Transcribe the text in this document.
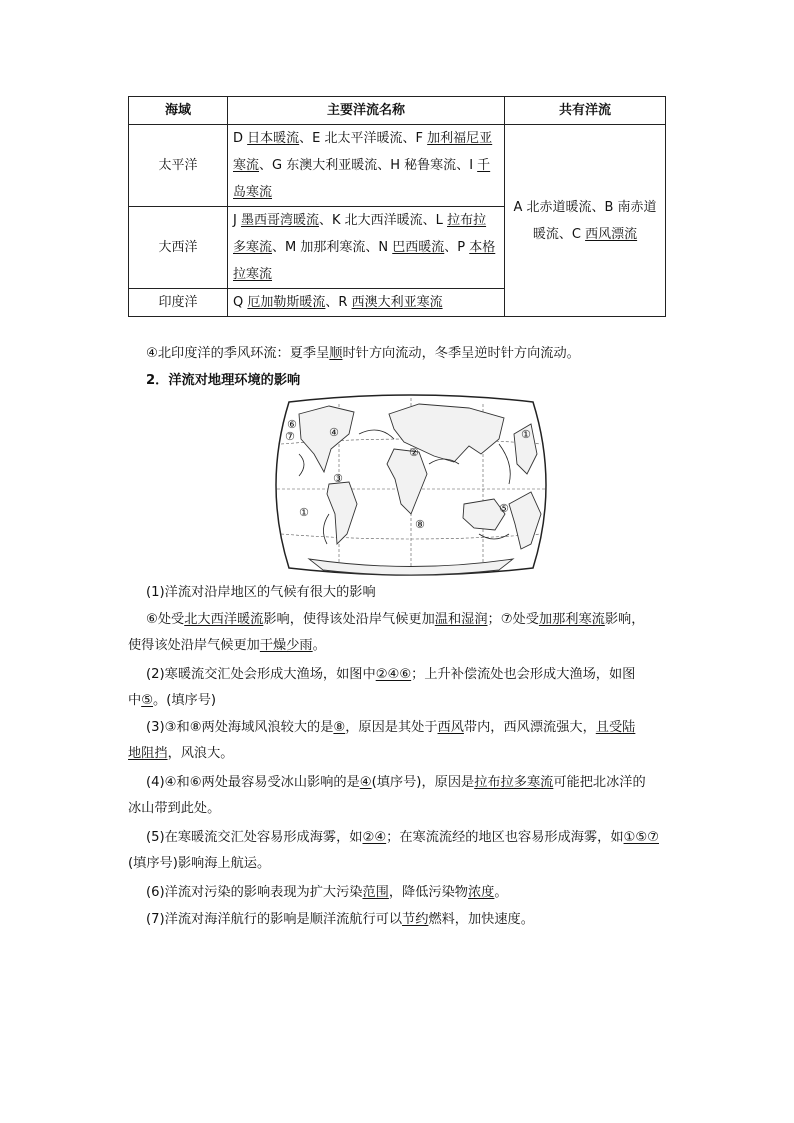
海域	主要洋流名称	共有洋流
太平洋	D 日本暖流、E 北太平洋暖流、F 加利福尼亚寒流、G 东澳大利亚暖流、H 秘鲁寒流、I 千岛寒流	A 北赤道暖流、B 南赤道
暖流、C 西风漂流

大西洋	J 墨西哥湾暖流、K 北大西洋暖流、L 拉布拉多寒流、M 加那利寒流、N 巴西暖流、P 本格拉寒流	
印度洋	Q 厄加勒斯暖流、R 西澳大利亚寒流	
④北印度洋的季风环流：夏季呈顺时针方向流动，冬季呈逆时针方向流动。
2．洋流对地理环境的影响
⑥
⑦	④
②
③
①
①	⑤
⑧
(1)洋流对沿岸地区的气候有很大的影响
⑥处受北大西洋暖流影响，使得该处沿岸气候更加温和湿润；⑦处受加那利寒流影响，
使得该处沿岸气候更加干燥少雨。
(2)寒暖流交汇处会形成大渔场，如图中②④⑥；上升补偿流处也会形成大渔场，如图
中⑤。(填序号)
(3)③和⑧两处海域风浪较大的是⑧，原因是其处于西风带内，西风漂流强大，且受陆
地阻挡，风浪大。
(4)④和⑥两处最容易受冰山影响的是④(填序号)，原因是拉布拉多寒流可能把北冰洋的
冰山带到此处。
(5)在寒暖流交汇处容易形成海雾，如②④；在寒流流经的地区也容易形成海雾，如①⑤⑦
(填序号)影响海上航运。
(6)洋流对污染的影响表现为扩大污染范围，降低污染物浓度。
(7)洋流对海洋航行的影响是顺洋流航行可以节约燃料，加快速度。
